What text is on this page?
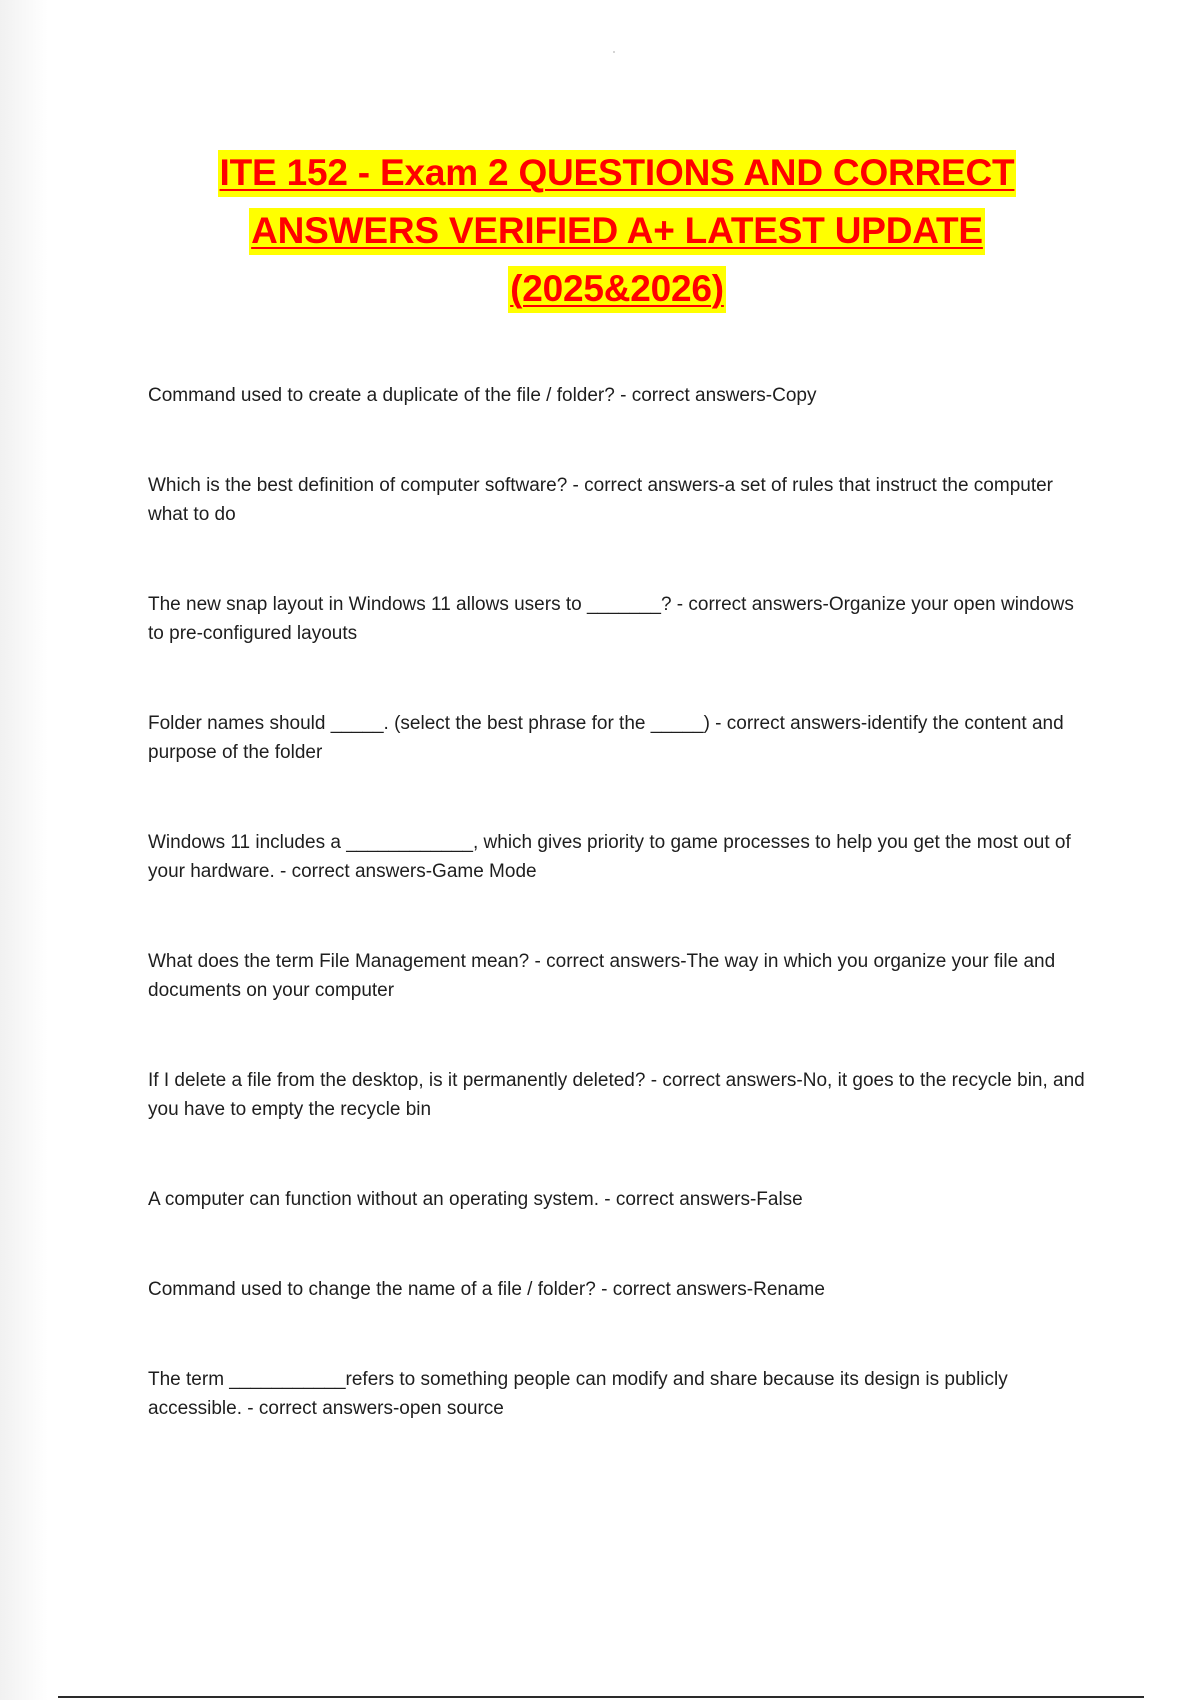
ITE 152 - Exam 2 QUESTIONS AND CORRECT
ANSWERS VERIFIED A+ LATEST UPDATE
(2025&2026)

Command used to create a duplicate of the file / folder? - correct answers-Copy

Which is the best definition of computer software? - correct answers-a set of rules that instruct the computer what to do

The new snap layout in Windows 11 allows users to _______? - correct answers-Organize your open windows to pre-configured layouts

Folder names should _____. (select the best phrase for the _____) - correct answers-identify the content and purpose of the folder

Windows 11 includes a ____________, which gives priority to game processes to help you get the most out of your hardware. - correct answers-Game Mode

What does the term File Management mean? - correct answers-The way in which you organize your file and documents on your computer

If I delete a file from the desktop, is it permanently deleted? - correct answers-No, it goes to the recycle bin, and you have to empty the recycle bin

A computer can function without an operating system. - correct answers-False

Command used to change the name of a file / folder? - correct answers-Rename

The term ___________refers to something people can modify and share because its design is publicly accessible. - correct answers-open source
